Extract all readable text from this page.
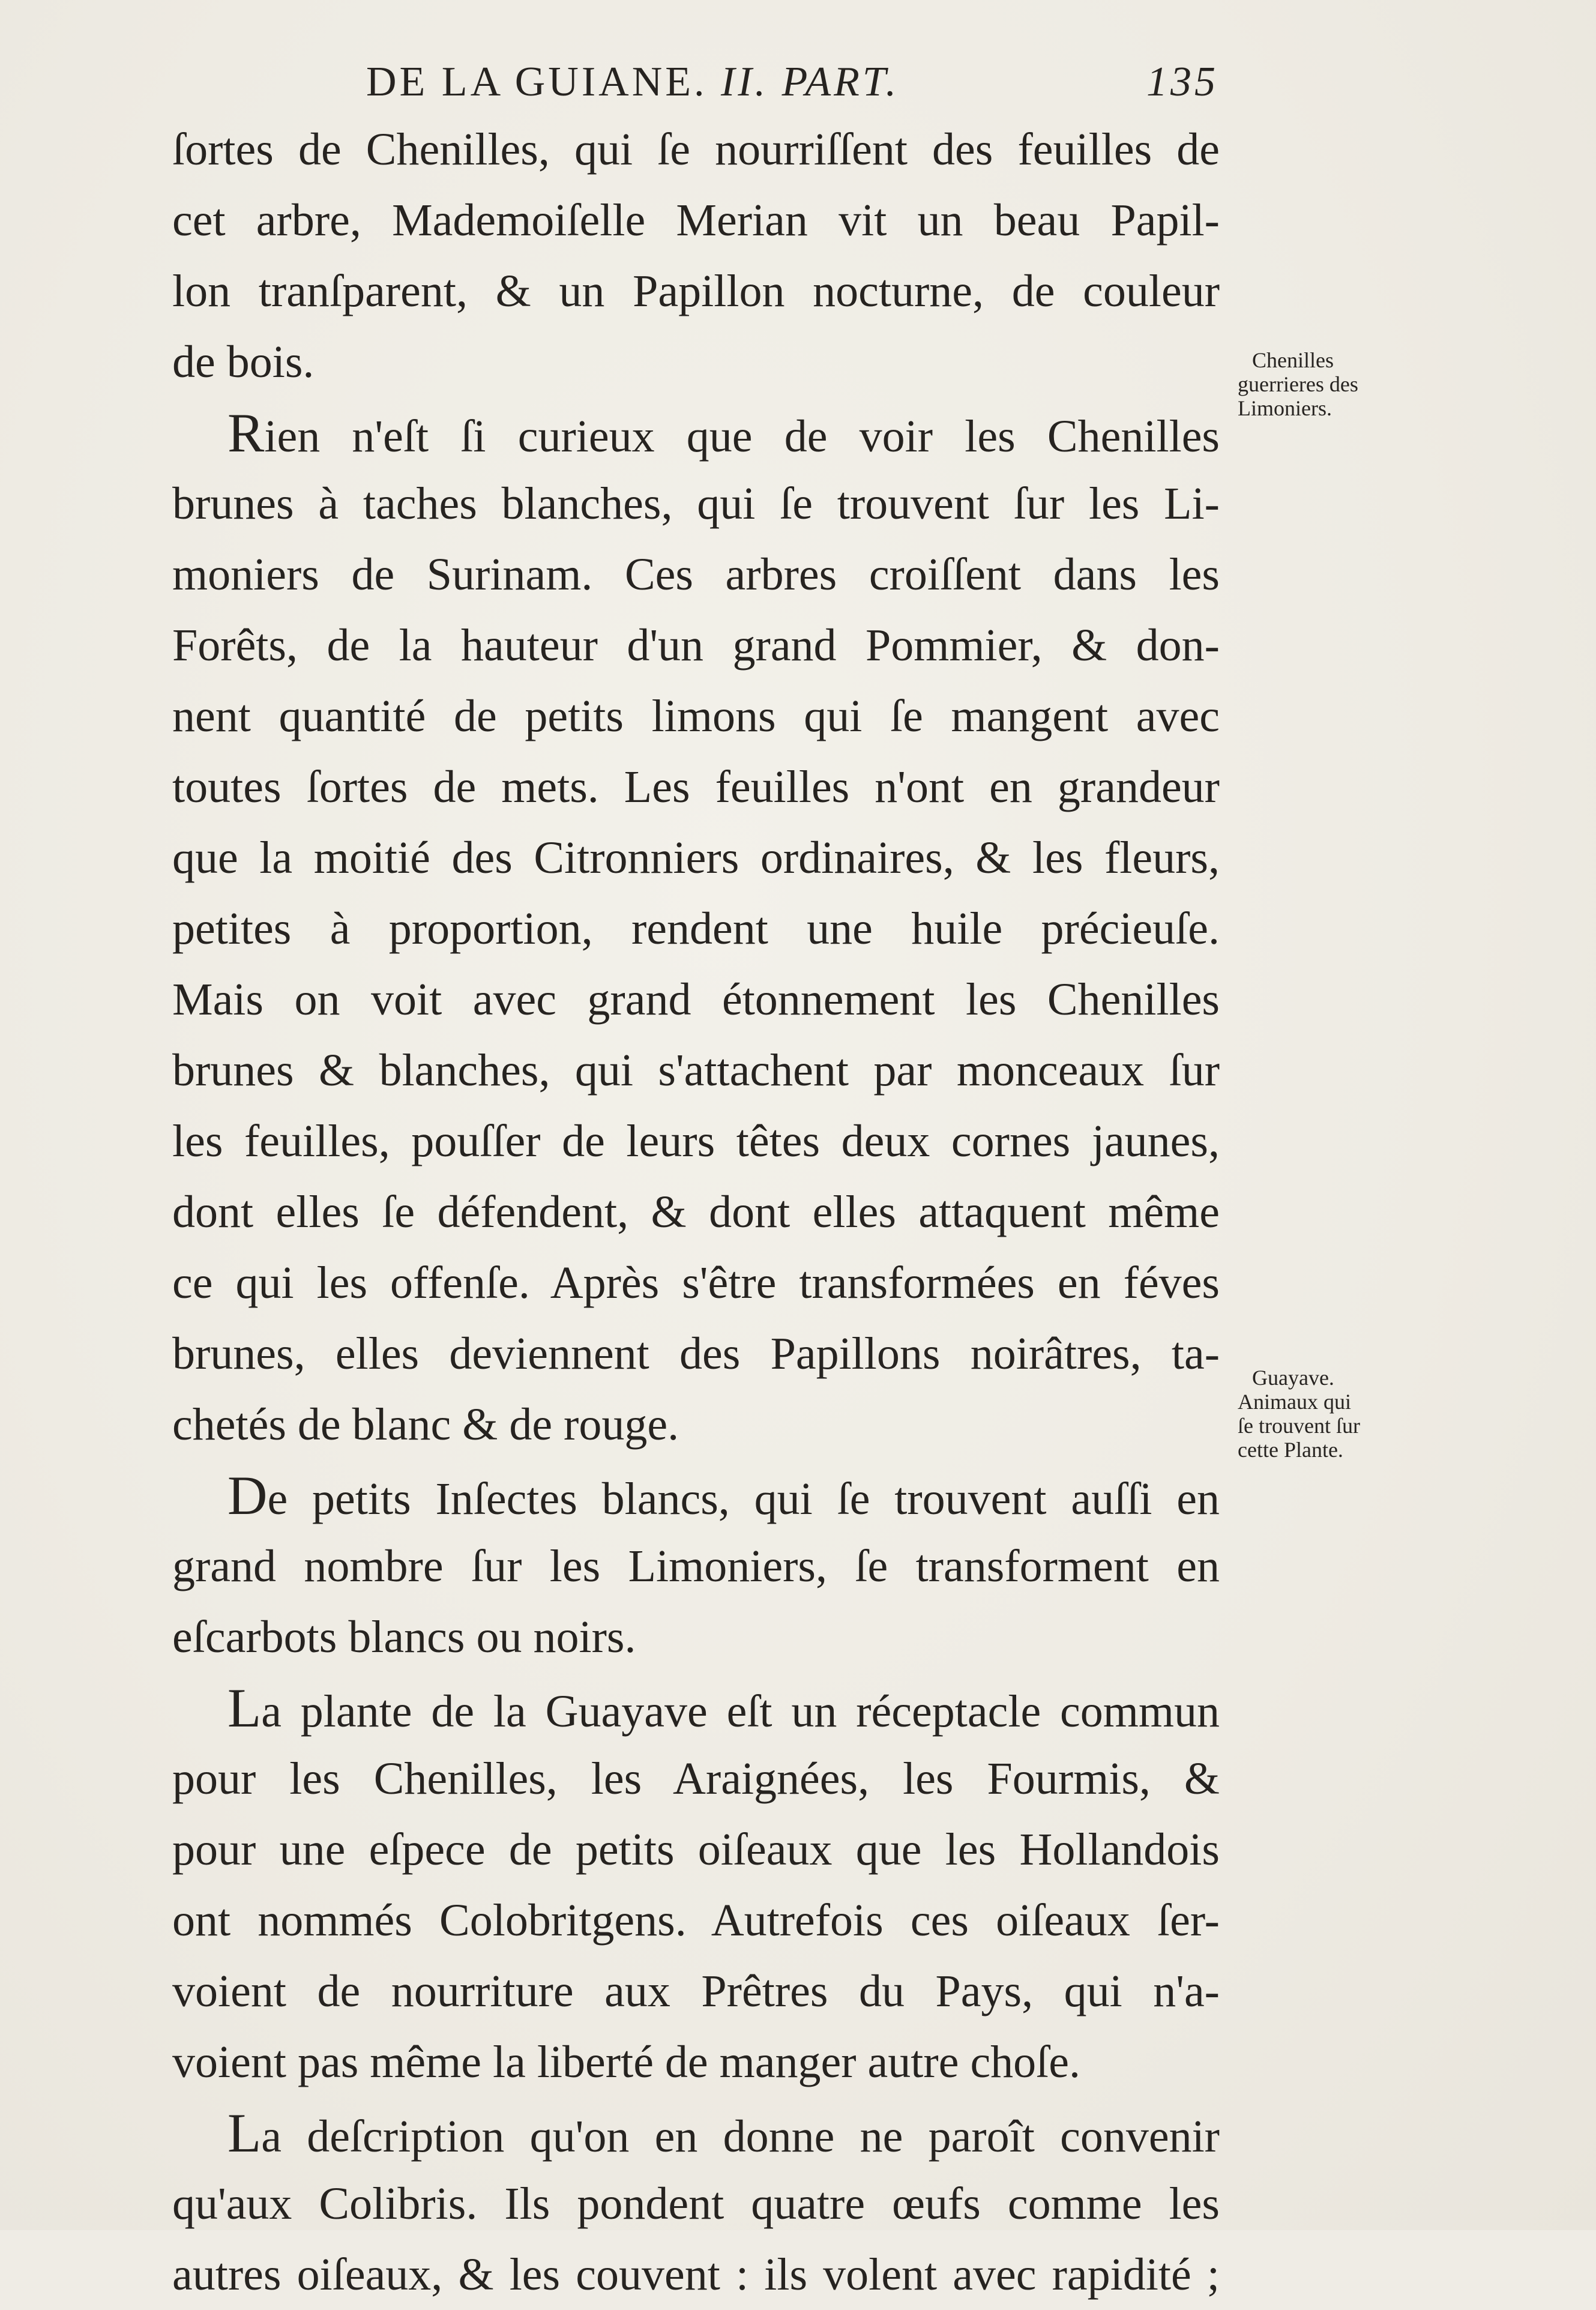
DE LA GUIANE. II. PART.	135
ſortes de Chenilles, qui ſe nourriſſent des feuilles de
cet arbre, Mademoiſelle Merian vit un beau Papil-
lon tranſparent, & un Papillon nocturne, de couleur
de bois.
Rien n'eſt ſi curieux que de voir les Chenilles
brunes à taches blanches, qui ſe trouvent ſur les Li-
moniers de Surinam. Ces arbres croiſſent dans les
Forêts, de la hauteur d'un grand Pommier, & don-
nent quantité de petits limons qui ſe mangent avec
toutes ſortes de mets. Les feuilles n'ont en grandeur
que la moitié des Citronniers ordinaires, & les fleurs,
petites à proportion, rendent une huile précieuſe.
Mais on voit avec grand étonnement les Chenilles
brunes & blanches, qui s'attachent par monceaux ſur
les feuilles, pouſſer de leurs têtes deux cornes jaunes,
dont elles ſe défendent, & dont elles attaquent même
ce qui les offenſe. Après s'être transformées en féves
brunes, elles deviennent des Papillons noirâtres, ta-
chetés de blanc & de rouge.
De petits Inſectes blancs, qui ſe trouvent auſſi en
grand nombre ſur les Limoniers, ſe transforment en
eſcarbots blancs ou noirs.
La plante de la Guayave eſt un réceptacle commun
pour les Chenilles, les Araignées, les Fourmis, &
pour une eſpece de petits oiſeaux que les Hollandois
ont nommés Colobritgens. Autrefois ces oiſeaux ſer-
voient de nourriture aux Prêtres du Pays, qui n'a-
voient pas même la liberté de manger autre choſe.
La deſcription qu'on en donne ne paroît convenir
qu'aux Colibris. Ils pondent quatre œufs comme les
autres oiſeaux, & les couvent : ils volent avec rapidité ;
Chenilles
guerrieres des
Limoniers.
Guayave.
Animaux qui
ſe trouvent ſur
cette Plante.
